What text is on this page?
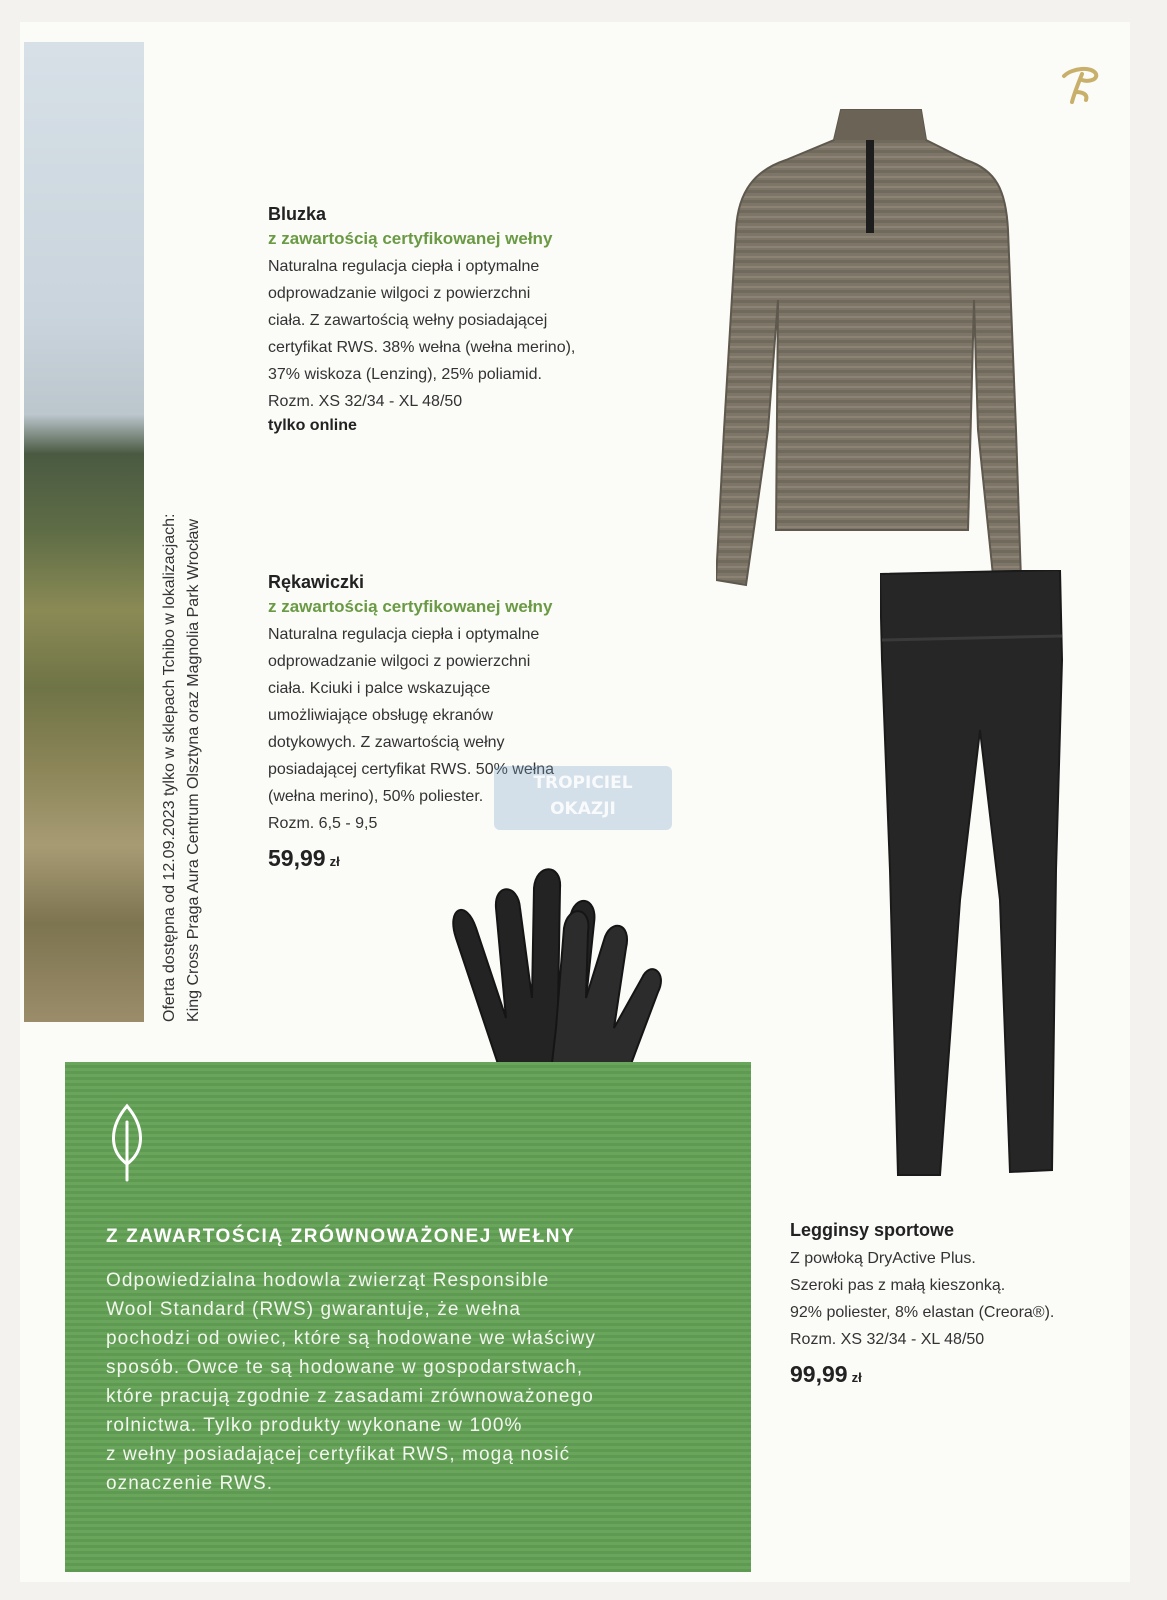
Oferta dostępna od 12.09.2023 tylko w sklepach Tchibo w lokalizacjach: King Cross Praga Aura Centrum Olsztyna oraz Magnolia Park Wrocław
Bluzka
z zawartością certyfikowanej wełny
Naturalna regulacja ciepła i optymalne
odprowadzanie wilgoci z powierzchni
ciała. Z zawartością wełny posiadającej
certyfikat RWS. 38% wełna (wełna merino),
37% wiskoza (Lenzing), 25% poliamid.
Rozm. XS 32/34 - XL 48/50
tylko online
Rękawiczki
z zawartością certyfikowanej wełny
Naturalna regulacja ciepła i optymalne
odprowadzanie wilgoci z powierzchni
ciała. Kciuki i palce wskazujące
umożliwiające obsługę ekranów
dotykowych. Z zawartością wełny
posiadającej certyfikat RWS. 50% wełna
(wełna merino), 50% poliester.
Rozm. 6,5 - 9,5
59,99 zł
Legginsy sportowe
Z powłoką DryActive Plus.
Szeroki pas z małą kieszonką.
92% poliester, 8% elastan (Creora®).
Rozm. XS 32/34 - XL 48/50
99,99 zł
Z ZAWARTOŚCIĄ ZRÓWNOWAŻONEJ WEŁNY
Odpowiedzialna hodowla zwierząt Responsible
Wool Standard (RWS) gwarantuje, że wełna
pochodzi od owiec, które są hodowane we właściwy
sposób. Owce te są hodowane w gospodarstwach,
które pracują zgodnie z zasadami zrównoważonego
rolnictwa. Tylko produkty wykonane w 100%
z wełny posiadającej certyfikat RWS, mogą nosić
oznaczenie RWS.
TROPICIEL
OKAZJI
